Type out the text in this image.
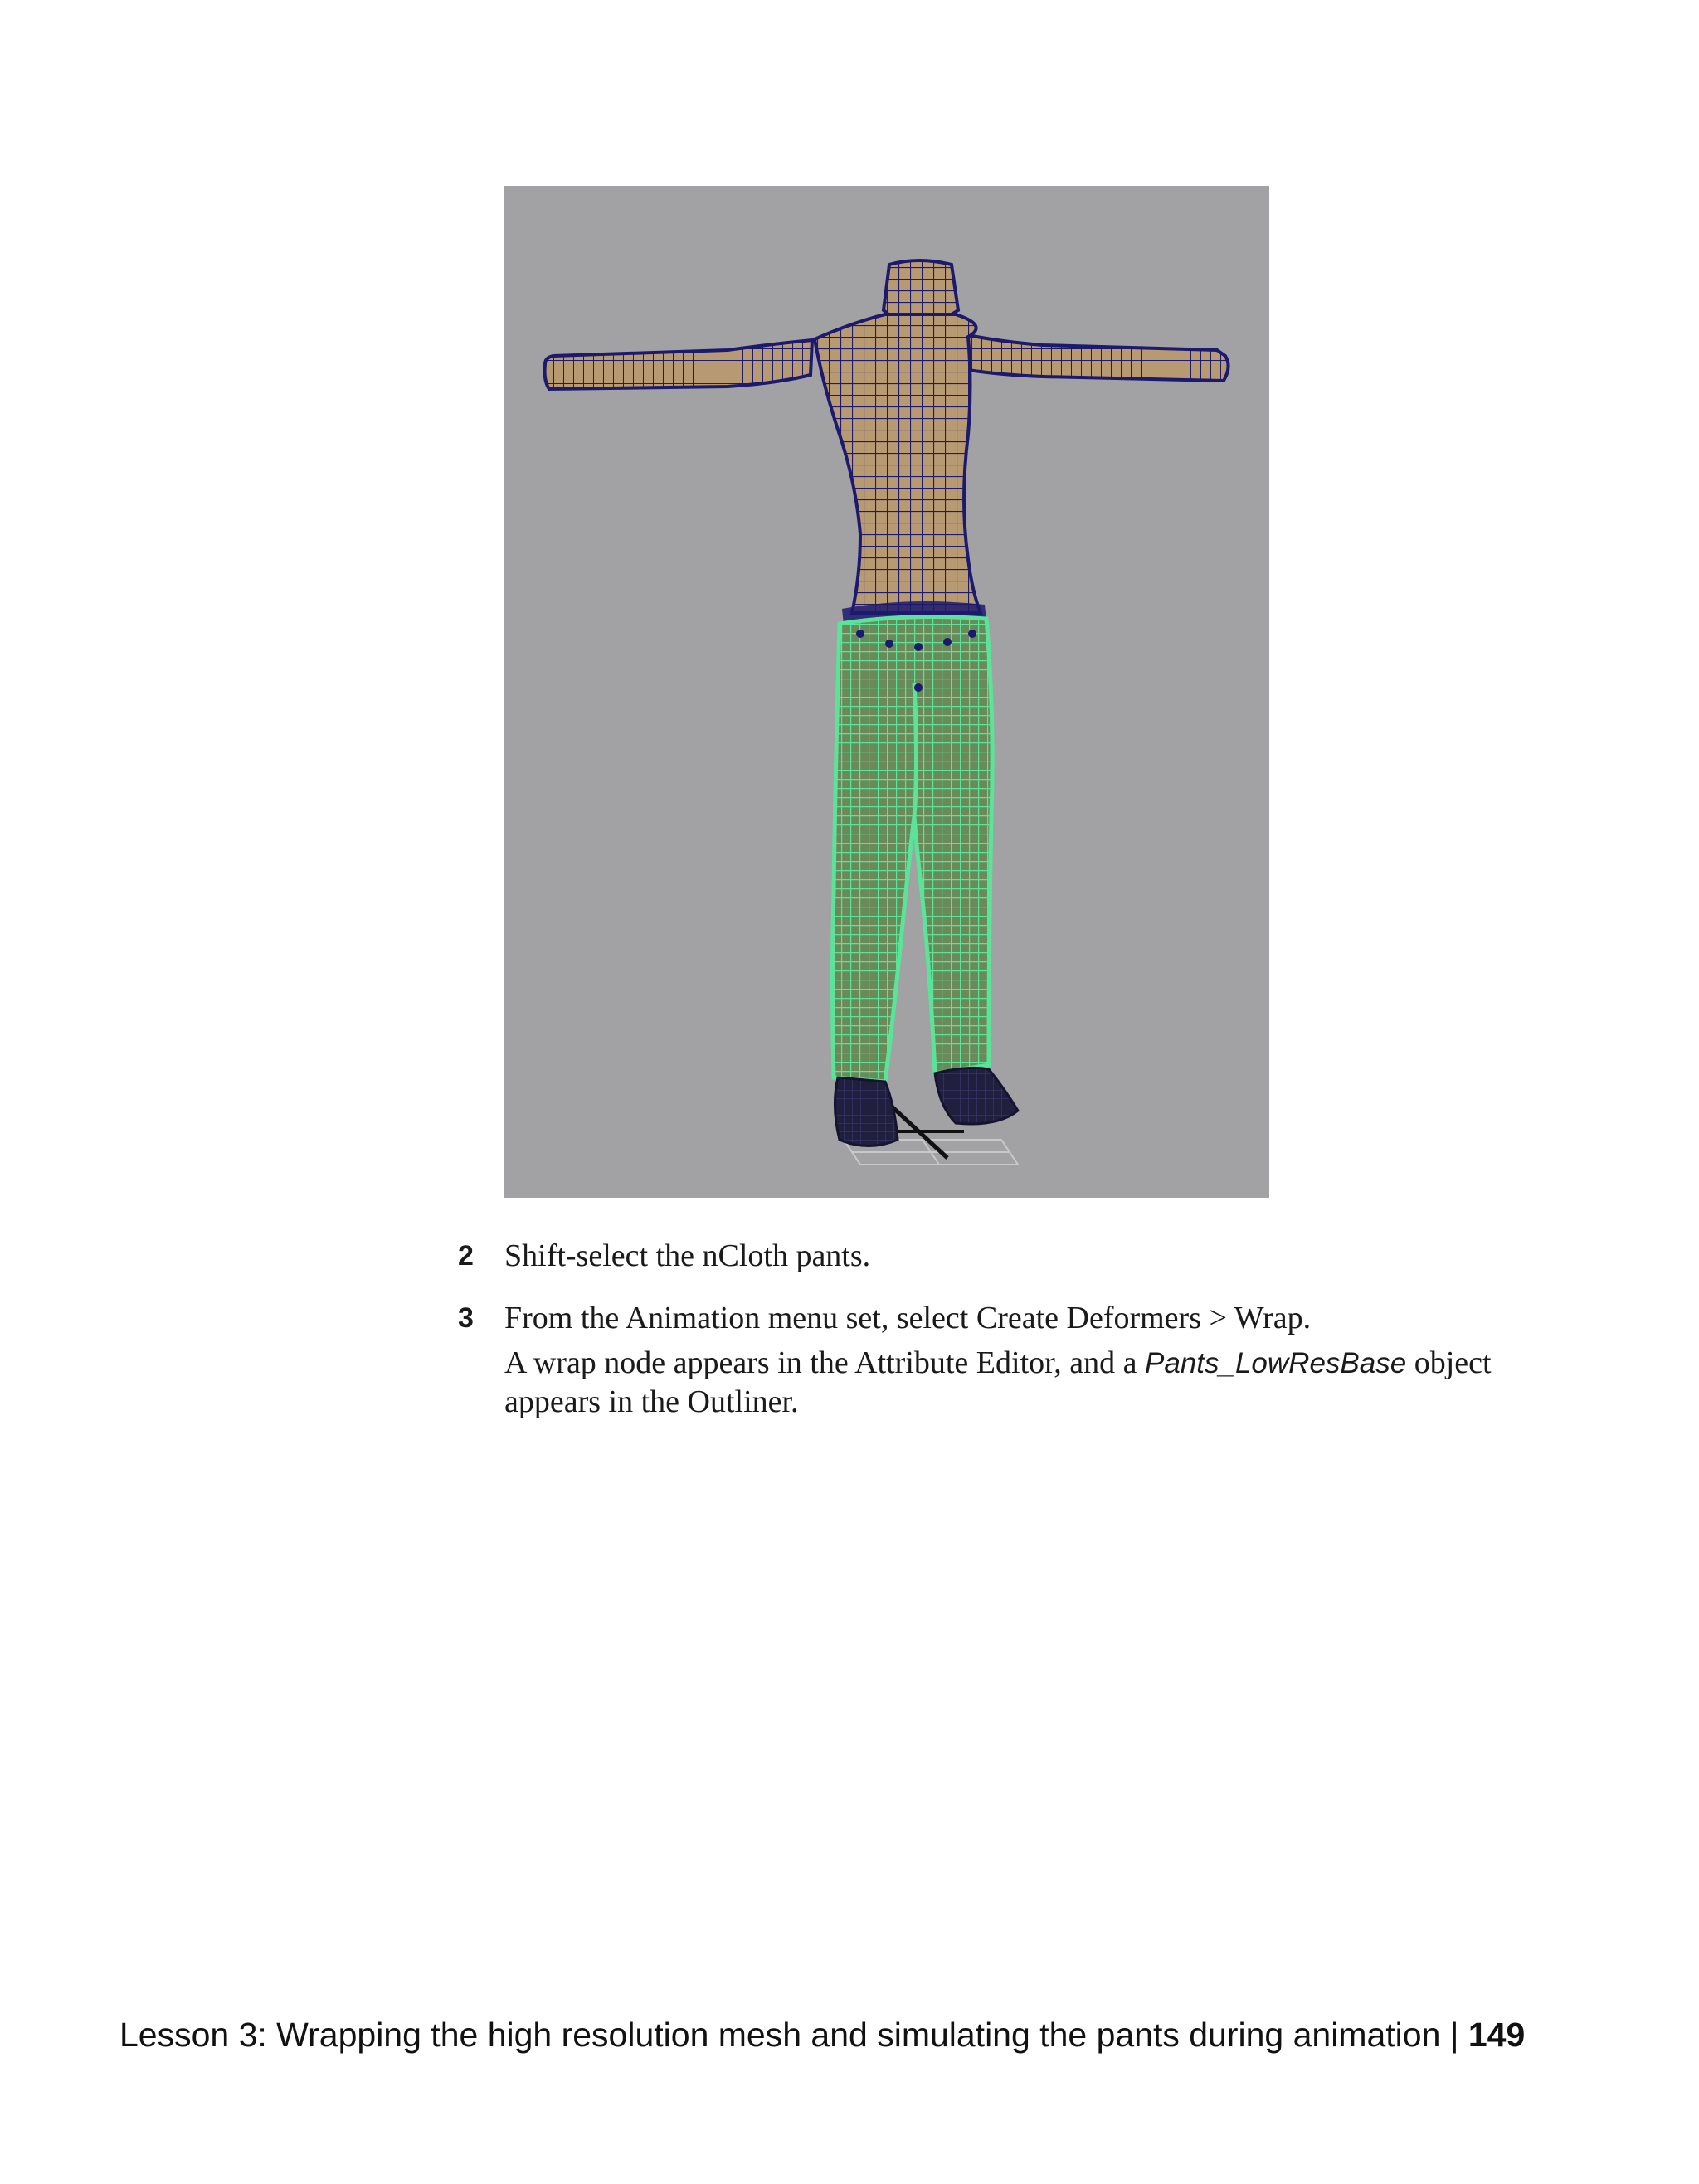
2 Shift-select the nCloth pants.
3 From the Animation menu set, select Create Deformers > Wrap.
A wrap node appears in the Attribute Editor, and a Pants_LowResBase object appears in the Outliner.
Lesson 3: Wrapping the high resolution mesh and simulating the pants during animation | 149
